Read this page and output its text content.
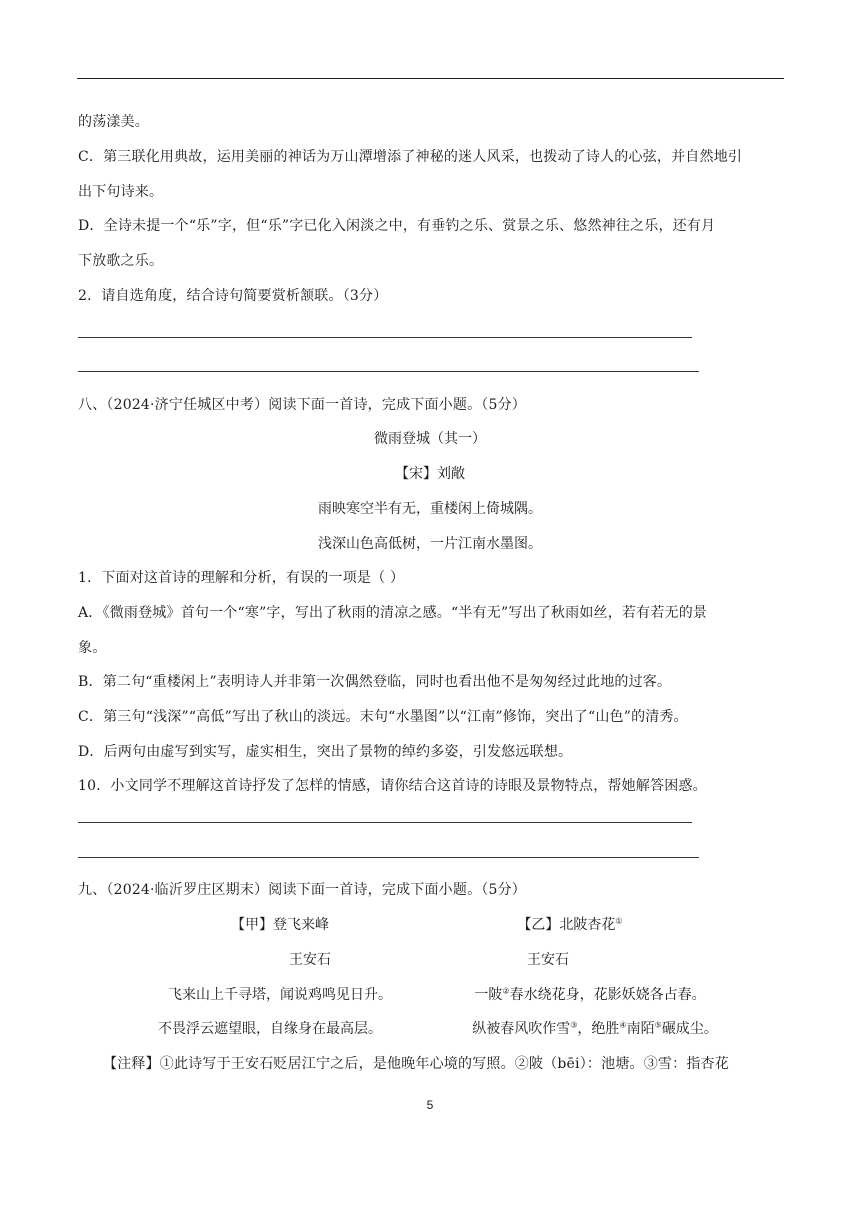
的荡漾美。
C．第三联化用典故，运用美丽的神话为万山潭增添了神秘的迷人风采，也拨动了诗人的心弦，并自然地引
出下句诗来。
D．全诗未提一个“乐”字，但“乐”字已化入闲淡之中，有垂钓之乐、赏景之乐、悠然神往之乐，还有月
下放歌之乐。
2．请自选角度，结合诗句简要赏析颔联。（3分）
八、（2024·济宁任城区中考）阅读下面一首诗，完成下面小题。（5分）
微雨登城（其一）
【宋】刘敞
雨映寒空半有无，重楼闲上倚城隅。
浅深山色高低树，一片江南水墨图。
1．下面对这首诗的理解和分析，有误的一项是（ ）
A．《微雨登城》首句一个“寒”字，写出了秋雨的清凉之感。“半有无”写出了秋雨如丝，若有若无的景
象。
B．第二句“重楼闲上”表明诗人并非第一次偶然登临，同时也看出他不是匆匆经过此地的过客。
C．第三句“浅深”“高低”写出了秋山的淡远。末句“水墨图”以“江南”修饰，突出了“山色”的清秀。
D．后两句由虚写到实写，虚实相生，突出了景物的绰约多姿，引发悠远联想。
10．小文同学不理解这首诗抒发了怎样的情感，请你结合这首诗的诗眼及景物特点，帮她解答困惑。
九、（2024·临沂罗庄区期末）阅读下面一首诗，完成下面小题。（5分）
【甲】登飞来峰	【乙】北陂杏花①
王安石	王安石
飞来山上千寻塔，闻说鸡鸣见日升。	一陂②春水绕花身，花影妖娆各占春。
不畏浮云遮望眼，自缘身在最高层。	纵被春风吹作雪③，绝胜④南陌⑤碾成尘。
【注释】①此诗写于王安石贬居江宁之后，是他晚年心境的写照。②陂（bēi）：池塘。③雪：指杏花
5
